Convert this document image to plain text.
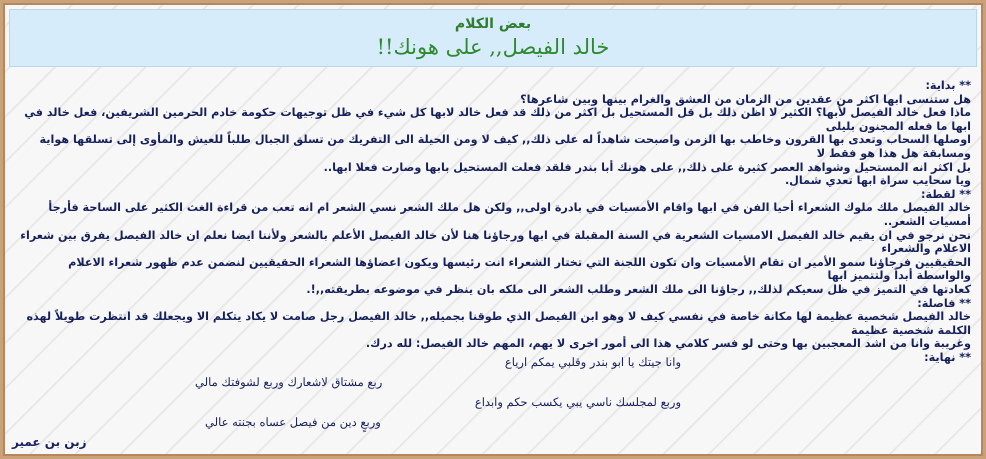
بعض الكلام
خالد الفيصل,, على هونك!!

** بداية:

هل ستنسى ابها اكثر من عقدين من الزمان من العشق والغرام بينها وبين شاعرها؟

ماذا فعل خالد الفيصل لأبها؟ الكثير لا اظن ذلك بل قل المستحيل بل اكثر من ذلك قد فعل خالد لابها كل شيء في ظل توجيهات حكومة خادم الحرمين الشريفين، فعل خالد في ابها ما فعله المجنون بليلى

اوصلها السحاب وتعدى بها القرون وخاطب بها الزمن واصبحت شاهداً له على ذلك,, كيف لا ومن الحيلة الى التفريك من تسلق الجبال طلباً للعيش والمأوى إلى تسلقها هواية ومسابقة هل هذا هو فقط لا

بل اكثر انه المستحيل وشواهد العصر كثيرة على ذلك,, على هونك أبا بندر فلقد فعلت المستحيل بابها وصارت فعلا ابها..

ويا سحايب سراة ابها تعدي شمال.

** لقطة:

خالد الفيصل ملك ملوك الشعراء أحيا الفن في ابها واقام الأمسيات في بادرة اولى,, ولكن هل ملك الشعر نسي الشعر ام انه تعب من قراءة الغث الكثير على الساحة فأرجأ أمسيات الشعر..

نحن نرجو في ان يقيم خالد الفيصل الامسيات الشعرية في السنة المقبلة في ابها ورجاؤنا هنا لأن خالد الفيصل الأعلم بالشعر ولأننا ايضا نعلم ان خالد الفيصل يفرق بين شعراء الاعلام والشعراء

الحقيقيين فرجاؤنا سمو الأمير ان تقام الأمسيات وان تكون اللجنة التي تختار الشعراء انت رئيسها ويكون اعضاؤها الشعراء الحقيقيين لنضمن عدم ظهور شعراء الاعلام والواسطة أبداً ولتتميز ابها

كعادتها في التميز في ظل سعيكم لذلك,, رجاؤنا الى ملك الشعر وطلب الشعر الى ملكه بان ينظر في موضوعه بطريقته,,!.

** فاصلة:

خالد الفيصل شخصية عظيمة لها مكانة خاصة في نفسي كيف لا وهو ابن الفيصل الذي طوقنا بجميله,, خالد الفيصل رجل صامت لا يكاد يتكلم الا ويجعلك قد انتظرت طويلاً لهذه الكلمة شخصية عظيمة

وغريبة وانا من اشد المعجبين بها وحتى لو فسر كلامي هذا الى أمور اخرى لا يهم، المهم خالد الفيصل: لله درك.

** نهاية:

وانا جيتك يا ابو بندر وقلبي يمكم ارياع
ربع مشتاق لاشعارك وربع لشوفتك مالي
وربع لمجلسك ناسي يبي يكسب حكم وابداع
وربعٍ دين من فيصل عساه بجنته عالي
زبن بن عمير
